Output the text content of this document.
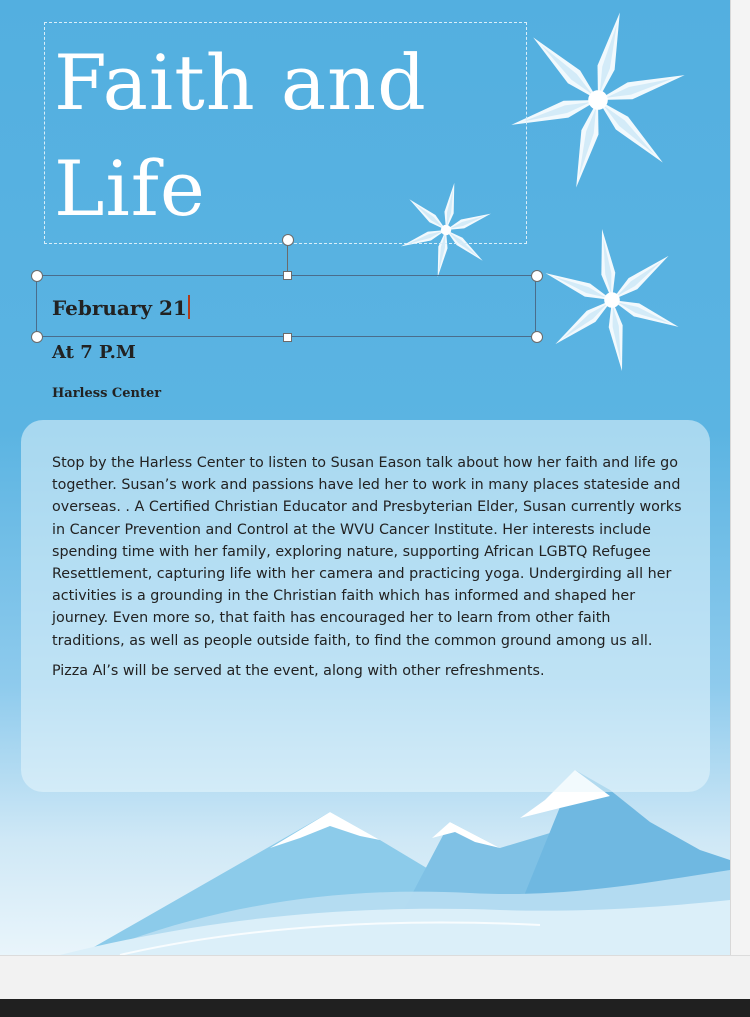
Faith and Life
February 21
At 7 P.M
Harless Center

Stop by the Harless Center to listen to Susan Eason talk about how her faith and life go together. Susan’s work and passions have led her to work in many places stateside and overseas. . A Certified Christian Educator and Presbyterian Elder, Susan currently works in Cancer Prevention and Control at the WVU Cancer Institute. Her interests include spending time with her family, exploring nature, supporting African LGBTQ Refugee Resettlement, capturing life with her camera and practicing yoga. Undergirding all her activities is a grounding in the Christian faith which has informed and shaped her journey. Even more so, that faith has encouraged her to learn from other faith traditions, as well as people outside faith, to find the common ground among us all.

Pizza Al’s will be served at the event, along with other refreshments.
